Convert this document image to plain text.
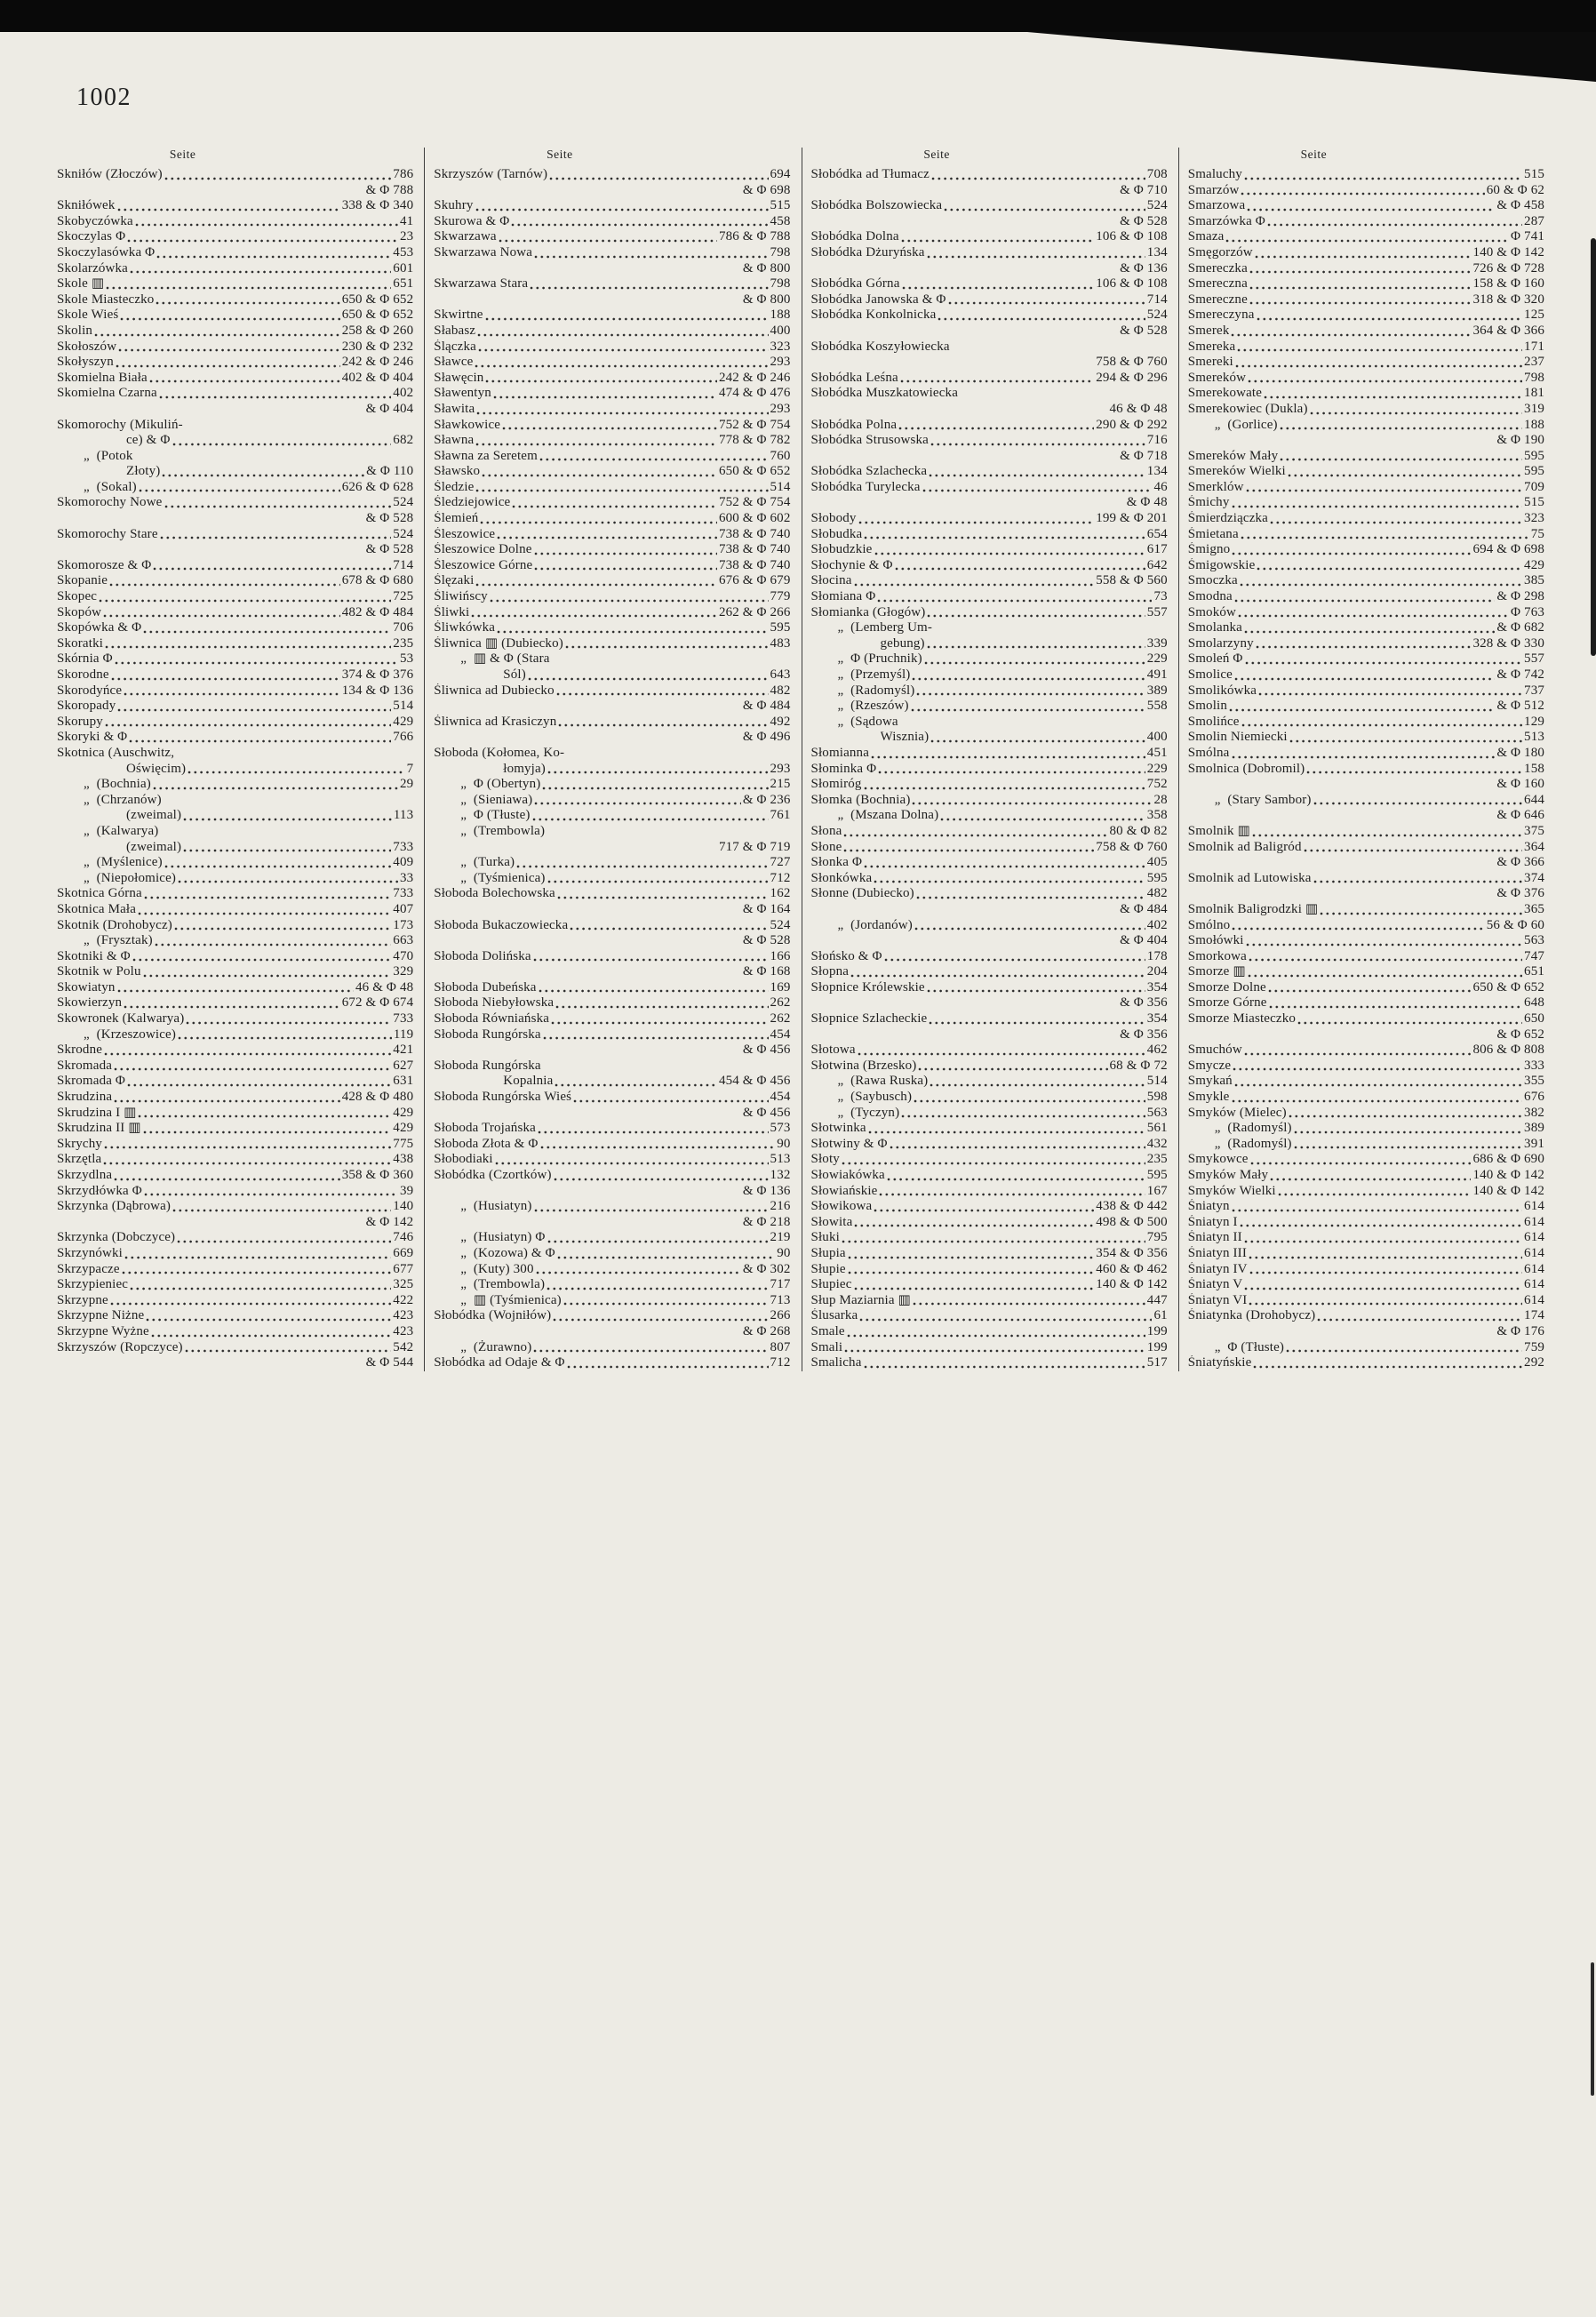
1002
Seite
Skniłów (Złoczów)	786
& Φ 788
Skniłówek	338 & Φ 340
Skobyczówka	41
Skoczylas Φ	23
Skoczylasówka Φ	453
Skolarzówka	601
Skole ▥	651
Skole Miasteczko	650 & Φ 652
Skole Wieś	650 & Φ 652
Skolin	258 & Φ 260
Skołoszów	230 & Φ 232
Skołyszyn	242 & Φ 246
Skomielna Biała	402 & Φ 404
Skomielna Czarna	402
& Φ 404
Skomorochy (Mikuliń-
ce) & Φ	682
„  (Potok
Złoty)	& Φ 110
„  (Sokal)	626 & Φ 628
Skomorochy Nowe	524
& Φ 528
Skomorochy Stare	524
& Φ 528
Skomorosze & Φ	714
Skopanie	678 & Φ 680
Skopec	725
Skopów	482 & Φ 484
Skopówka & Φ	706
Skoratki	235
Skórnia Φ	53
Skorodne	374 & Φ 376
Skorodyńce	134 & Φ 136
Skoropady	514
Skorupy	429
Skoryki & Φ	766
Skotnica (Auschwitz,
Oświęcim)	7
„  (Bochnia)	29
„  (Chrzanów)
(zweimal)	113
„  (Kalwarya)
(zweimal)	733
„  (Myślenice)	409
„  (Niepołomice)	33
Skotnica Górna	733
Skotnica Mała	407
Skotnik (Drohobycz)	173
„  (Frysztak)	663
Skotniki & Φ	470
Skotnik w Polu	329
Skowiatyn	46 & Φ 48
Skowierzyn	672 & Φ 674
Skowronek (Kalwarya)	733
„  (Krzeszowice)	119
Skrodne	421
Skromada	627
Skromada Φ	631
Skrudzina	428 & Φ 480
Skrudzina I ▥	429
Skrudzina II ▥	429
Skrychy	775
Skrzętla	438
Skrzydlna	358 & Φ 360
Skrzydłówka Φ	39
Skrzynka (Dąbrowa)	140
& Φ 142
Skrzynka (Dobczyce)	746
Skrzynówki	669
Skrzypacze	677
Skrzypieniec	325
Skrzypne	422
Skrzypne Niżne	423
Skrzypne Wyżne	423
Skrzyszów (Ropczyce)	542
& Φ 544
Seite
Skrzyszów (Tarnów)	694
& Φ 698
Skuhry	515
Skurowa & Φ	458
Skwarzawa	786 & Φ 788
Skwarzawa Nowa	798
& Φ 800
Skwarzawa Stara	798
& Φ 800
Skwirtne	188
Słabasz	400
Ślączka	323
Sławce	293
Sławęcin	242 & Φ 246
Sławentyn	474 & Φ 476
Sławita	293
Sławkowice	752 & Φ 754
Sławna	778 & Φ 782
Sławna za Seretem	760
Sławsko	650 & Φ 652
Śledzie	514
Śledziejowice	752 & Φ 754
Ślemień	600 & Φ 602
Śleszowice	738 & Φ 740
Śleszowice Dolne	738 & Φ 740
Śleszowice Górne	738 & Φ 740
Ślęzaki	676 & Φ 679
Śliwińscy	779
Śliwki	262 & Φ 266
Śliwkówka	595
Śliwnica ▥ (Dubiecko)	483
„  ▥ & Φ (Stara
Sól)	643
Śliwnica ad Dubiecko	482
& Φ 484
Śliwnica ad Krasiczyn	492
& Φ 496
Słoboda (Kołomea, Ko-
łomyja)	293
„  Φ (Obertyn)	215
„  (Sieniawa)	& Φ 236
„  Φ (Tłuste)	761
„  (Trembowla)
717 & Φ 719
„  (Turka)	727
„  (Tyśmienica)	712
Słoboda Bolechowska	162
& Φ 164
Słoboda Bukaczowiecka	524
& Φ 528
Słoboda Dolińska	166
& Φ 168
Słoboda Dubeńska	169
Słoboda Niebyłowska	262
Słoboda Równiańska	262
Słoboda Rungórska	454
& Φ 456
Słoboda Rungórska
Kopalnia	454 & Φ 456
Słoboda Rungórska Wieś	454
& Φ 456
Słoboda Trojańska	573
Słoboda Złota & Φ	90
Słobodiaki	513
Słobódka (Czortków)	132
& Φ 136
„  (Husiatyn)	216
& Φ 218
„  (Husiatyn) Φ	219
„  (Kozowa) & Φ	90
„  (Kuty) 300	& Φ 302
„  (Trembowla)	717
„  ▥ (Tyśmienica)	713
Słobódka (Wojniłów)	266
& Φ 268
„  (Żurawno)	807
Słobódka ad Odaje & Φ	712
Seite
Słobódka ad Tłumacz	708
& Φ 710
Słobódka Bolszowiecka	524
& Φ 528
Słobódka Dolna	106 & Φ 108
Słobódka Dżuryńska	134
& Φ 136
Słobódka Górna	106 & Φ 108
Słobódka Janowska & Φ	714
Słobódka Konkolnicka	524
& Φ 528
Słobódka Koszyłowiecka
758 & Φ 760
Słobódka Leśna	294 & Φ 296
Słobódka Muszkatowiecka
46 & Φ 48
Słobódka Polna	290 & Φ 292
Słobódka Strusowska	716
& Φ 718
Słobódka Szlachecka	134
Słobódka Turylecka	46
& Φ 48
Słobody	199 & Φ 201
Słobudka	654
Słobudzkie	617
Słochynie & Φ	642
Słocina	558 & Φ 560
Słomiana Φ	73
Słomianka (Głogów)	557
„  (Lemberg Um-
gebung)	339
„  Φ (Pruchnik)	229
„  (Przemyśl)	491
„  (Radomyśl)	389
„  (Rzeszów)	558
„  (Sądowa
Wisznia)	400
Słomianna	451
Słominka Φ	229
Słomiróg	752
Słomka (Bochnia)	28
„  (Mszana Dolna)	358
Słona	80 & Φ 82
Słone	758 & Φ 760
Słonka Φ	405
Słonkówka	595
Słonne (Dubiecko)	482
& Φ 484
„  (Jordanów)	402
& Φ 404
Słońsko & Φ	178
Słopna	204
Słopnice Królewskie	354
& Φ 356
Słopnice Szlacheckie	354
& Φ 356
Słotowa	462
Słotwina (Brzesko)	68 & Φ 72
„  (Rawa Ruska)	514
„  (Saybusch)	598
„  (Tyczyn)	563
Słotwinka	561
Słotwiny & Φ	432
Słoty	235
Słowiakówka	595
Słowiańskie	167
Słowikowa	438 & Φ 442
Słowita	498 & Φ 500
Słuki	795
Słupia	354 & Φ 356
Słupie	460 & Φ 462
Słupiec	140 & Φ 142
Słup Maziarnia ▥	447
Ślusarka	61
Smale	199
Smali	199
Smalicha	517
Seite
Smaluchy	515
Smarzów	60 & Φ 62
Smarzowa	& Φ 458
Smarzówka Φ	287
Smaza	Φ 741
Smęgorzów	140 & Φ 142
Smereczka	726 & Φ 728
Smereczna	158 & Φ 160
Smereczne	318 & Φ 320
Smereczyna	125
Smerek	364 & Φ 366
Smereka	171
Smereki	237
Smereków	798
Smerekowate	181
Smerekowiec (Dukla)	319
„  (Gorlice)	188
& Φ 190
Smereków Mały	595
Smereków Wielki	595
Smerklów	709
Śmichy	515
Śmierdziączka	323
Śmietana	75
Śmigno	694 & Φ 698
Śmigowskie	429
Smoczka	385
Smodna	& Φ 298
Smoków	Φ 763
Smolanka	& Φ 682
Smolarzyny	328 & Φ 330
Smoleń Φ	557
Smolice	& Φ 742
Smolikówka	737
Smolin	& Φ 512
Smolińce	129
Smolin Niemiecki	513
Smólna	& Φ 180
Smolnica (Dobromil)	158
& Φ 160
„  (Stary Sambor)	644
& Φ 646
Smolnik ▥	375
Smolnik ad Baligród	364
& Φ 366
Smolnik ad Lutowiska	374
& Φ 376
Smolnik Baligrodzki ▥	365
Smólno	56 & Φ 60
Smołówki	563
Smorkowa	747
Smorze ▥	651
Smorze Dolne	650 & Φ 652
Smorze Górne	648
Smorze Miasteczko	650
& Φ 652
Smuchów	806 & Φ 808
Smycze	333
Smykań	355
Smykle	676
Smyków (Mielec)	382
„  (Radomyśl)	389
„  (Radomyśl)	391
Smykowce	686 & Φ 690
Smyków Mały	140 & Φ 142
Smyków Wielki	140 & Φ 142
Śniatyn	614
Śniatyn I	614
Śniatyn II	614
Śniatyn III	614
Śniatyn IV	614
Śniatyn V	614
Śniatyn VI	614
Śniatynka (Drohobycz)	174
& Φ 176
„  Φ (Tłuste)	759
Śniatyńskie	292
